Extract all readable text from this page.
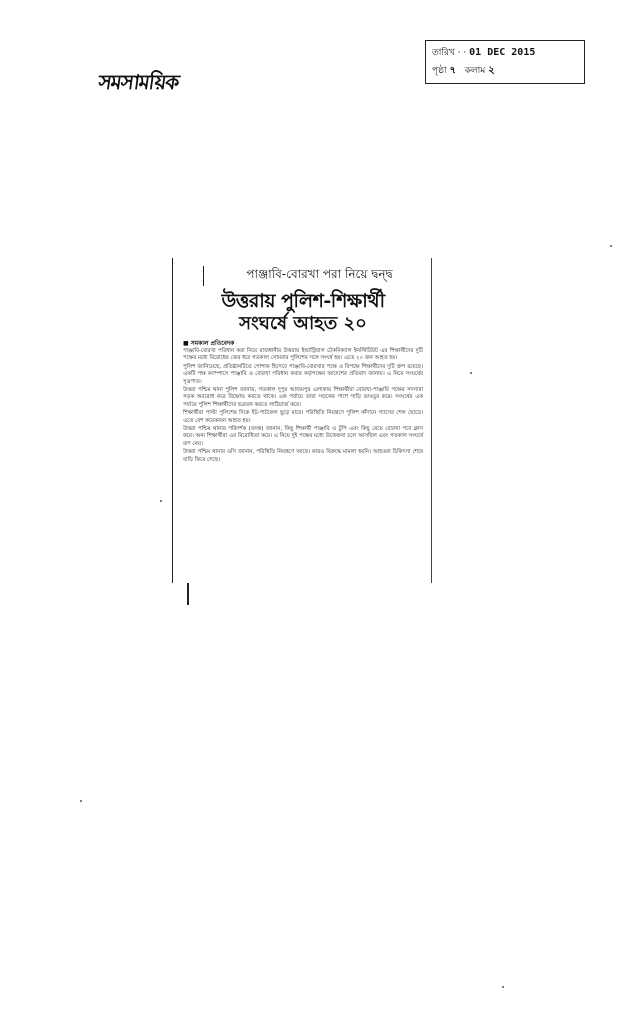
সমসাময়িক
তারিখ · · 01 DEC 2015
পৃষ্ঠা ৭ কলাম ২
পাঞ্জাবি-বোরখা পরা নিয়ে দ্বন্দ্ব
উত্তরায় পুলিশ-শিক্ষার্থী
সংঘর্ষে আহত ২০
■ সমকাল প্রতিবেদক

পাঞ্জাবি-বোরখা পরিধান করা নিয়ে রাজধানীর উত্তরায় ইন্ডাস্ট্রিয়াল টেকনিক্যাল ইনস্টিটিউট এর শিক্ষার্থীদের দুটি পক্ষের মধ্যে বিরোধের জের ধরে গতকাল সোমবার পুলিশের সঙ্গে সংঘর্ষ হয়। এতে ২০ জন আহত হয়।

পুলিশ জানিয়েছে, প্রতিষ্ঠানটিতে পোশাক হিসেবে পাঞ্জাবি-বোরখার পক্ষে ও বিপক্ষে শিক্ষার্থীদের দুটি গ্রুপ রয়েছে। একটি পক্ষ ক্যাম্পাসে পাঞ্জাবি ও বোরখা পরিধান করার কর্তৃপক্ষের আদেশের প্রতিবাদ জানায়। এ নিয়ে সংঘর্ষের সূত্রপাত।

উত্তরা পশ্চিম থানা পুলিশ জানায়, গতকাল দুপুর আজমপুর এলাকায় শিক্ষার্থীরা বোরখা-পাঞ্জাবি পক্ষের সদস্যরা সড়ক অবরোধ করে বিক্ষোভ করতে থাকে। এক পর্যায়ে তারা সড়কের পাশে গাড়ি ভাঙচুর করে। সংঘর্ষের এক পর্যায়ে পুলিশ শিক্ষার্থীদের ছত্রভঙ্গ করতে লাঠিচার্জ করে।

শিক্ষার্থীরা পাল্টা পুলিশের দিকে ইট-পাটকেল ছুড়ে মারে। পরিস্থিতি নিয়ন্ত্রণে পুলিশ কাঁদানে গ্যাসের শেল ছোড়ে। এতে বেশ কয়েকজন আহত হয়।

উত্তরা পশ্চিম থানার পরিদর্শক (তদন্ত) জানান, কিছু শিক্ষার্থী পাঞ্জাবি ও টুপি এবং কিছু মেয়ে বোরখা পরে ক্লাস করে। অন্য শিক্ষার্থীরা এর বিরোধিতা করে। এ নিয়ে দুই পক্ষের মধ্যে উত্তেজনা চলে আসছিল এবং গতকাল সংঘর্ষে রূপ নেয়।

উত্তরা পশ্চিম থানার ওসি জানান, পরিস্থিতি নিয়ন্ত্রণে আছে। কারও বিরুদ্ধে মামলা হয়নি। আহতরা চিকিৎসা শেষে বাড়ি ফিরে গেছে।
